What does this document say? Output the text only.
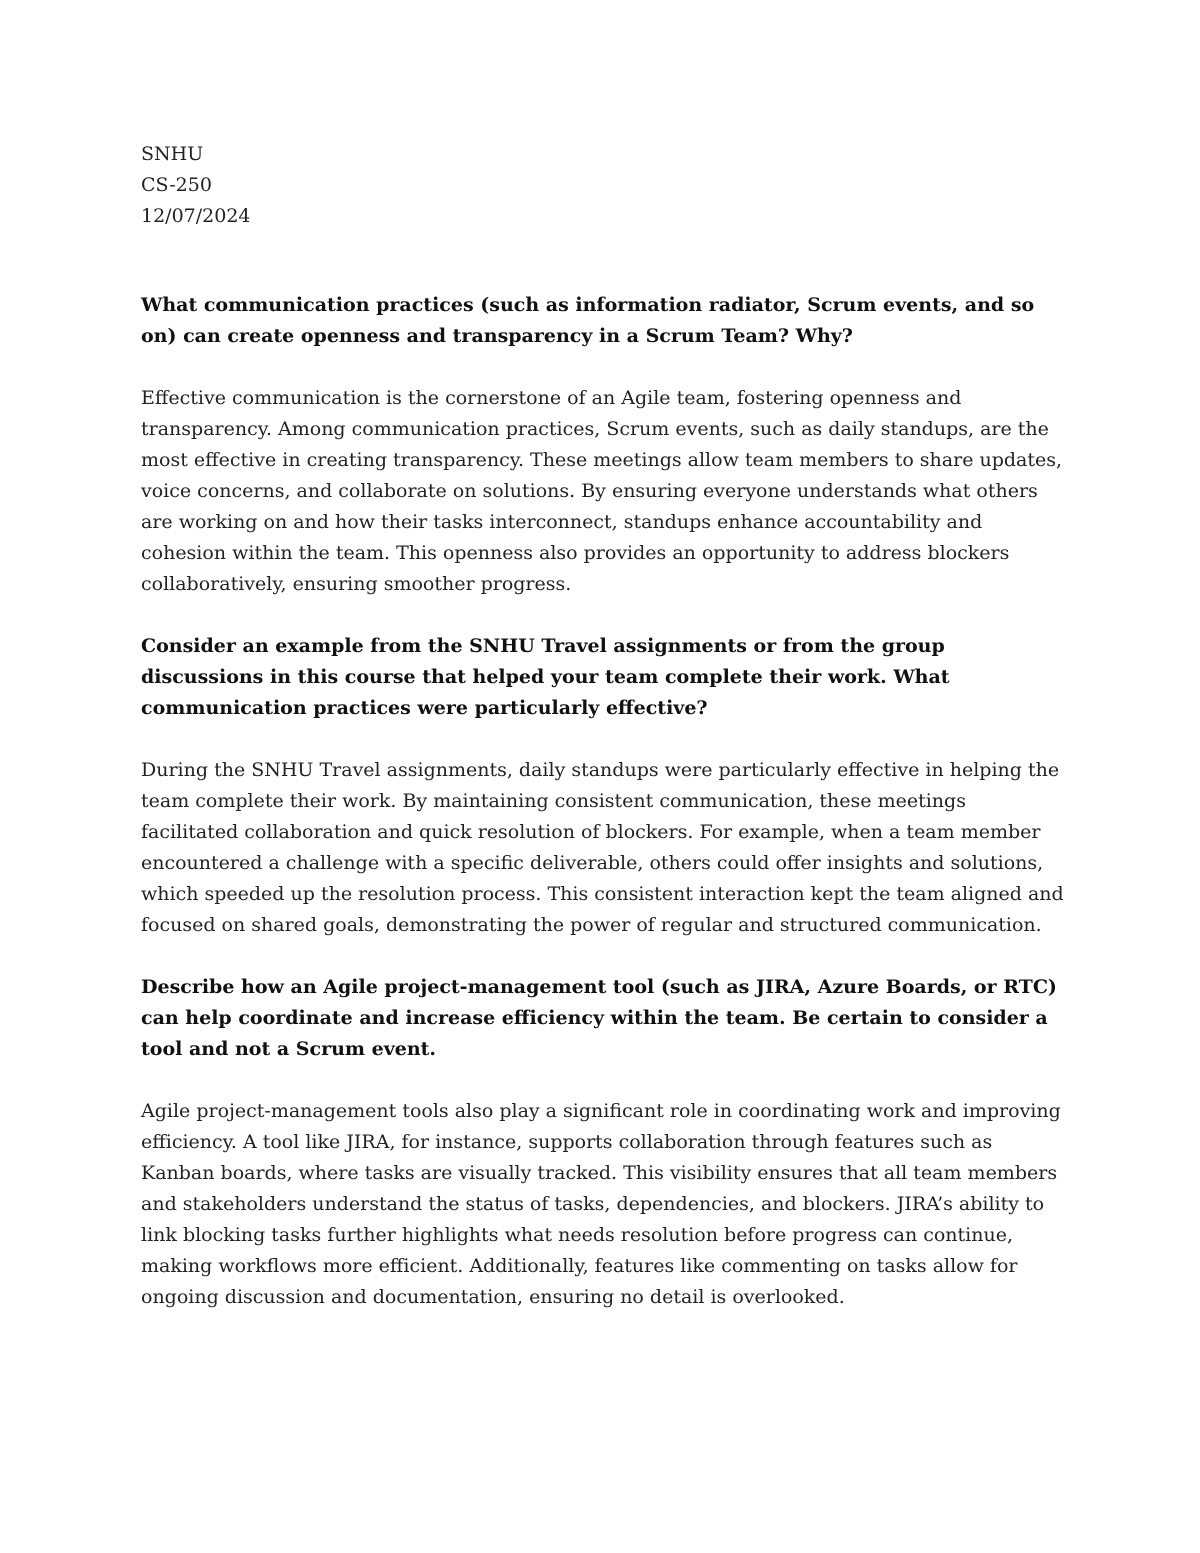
SNHU

CS-250

12/07/2024

What communication practices (such as information radiator, Scrum events, and so on) can create openness and transparency in a Scrum Team? Why?

Effective communication is the cornerstone of an Agile team, fostering openness and transparency. Among communication practices, Scrum events, such as daily standups, are the most effective in creating transparency. These meetings allow team members to share updates, voice concerns, and collaborate on solutions. By ensuring everyone understands what others are working on and how their tasks interconnect, standups enhance accountability and cohesion within the team. This openness also provides an opportunity to address blockers collaboratively, ensuring smoother progress.

Consider an example from the SNHU Travel assignments or from the group discussions in this course that helped your team complete their work. What communication practices were particularly effective?

During the SNHU Travel assignments, daily standups were particularly effective in helping the team complete their work. By maintaining consistent communication, these meetings facilitated collaboration and quick resolution of blockers. For example, when a team member encountered a challenge with a specific deliverable, others could offer insights and solutions, which speeded up the resolution process. This consistent interaction kept the team aligned and focused on shared goals, demonstrating the power of regular and structured communication.

Describe how an Agile project-management tool (such as JIRA, Azure Boards, or RTC) can help coordinate and increase efficiency within the team. Be certain to consider a tool and not a Scrum event.

Agile project-management tools also play a significant role in coordinating work and improving efficiency. A tool like JIRA, for instance, supports collaboration through features such as Kanban boards, where tasks are visually tracked. This visibility ensures that all team members and stakeholders understand the status of tasks, dependencies, and blockers. JIRA’s ability to link blocking tasks further highlights what needs resolution before progress can continue, making workflows more efficient. Additionally, features like commenting on tasks allow for ongoing discussion and documentation, ensuring no detail is overlooked.
